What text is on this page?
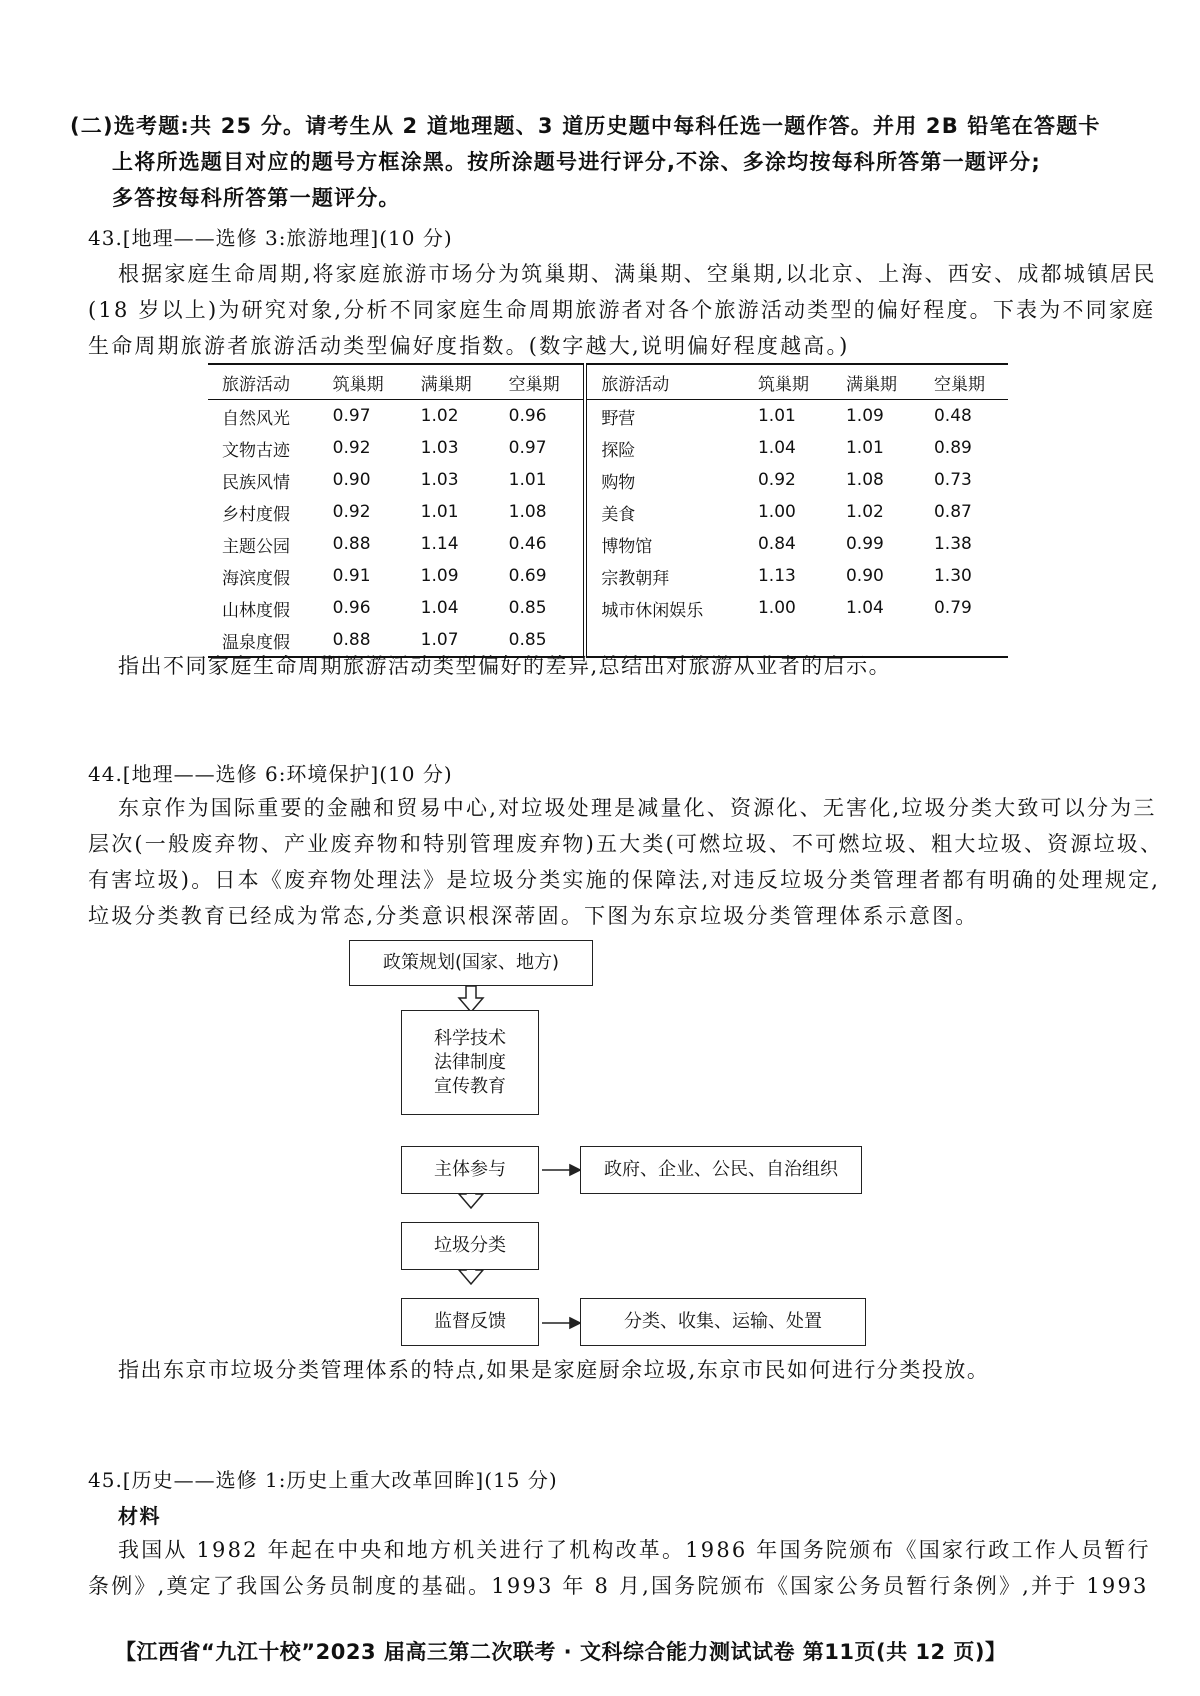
(二)选考题:共 25 分。请考生从 2 道地理题、3 道历史题中每科任选一题作答。并用 2B 铅笔在答题卡
上将所选题目对应的题号方框涂黑。按所涂题号进行评分,不涂、多涂均按每科所答第一题评分;
多答按每科所答第一题评分。
43.[地理——选修 3:旅游地理](10 分)

根据家庭生命周期,将家庭旅游市场分为筑巢期、满巢期、空巢期,以北京、上海、西安、成都城镇居民(18 岁以上)为研究对象,分析不同家庭生命周期旅游者对各个旅游活动类型的偏好程度。下表为不同家庭生命周期旅游者旅游活动类型偏好度指数。(数字越大,说明偏好程度越高。)

旅游活动	筑巢期	满巢期	空巢期	旅游活动	筑巢期	满巢期	空巢期
自然风光	0.97	1.02	0.96	野营	1.01	1.09	0.48
文物古迹	0.92	1.03	0.97	探险	1.04	1.01	0.89
民族风情	0.90	1.03	1.01	购物	0.92	1.08	0.73
乡村度假	0.92	1.01	1.08	美食	1.00	1.02	0.87
主题公园	0.88	1.14	0.46	博物馆	0.84	0.99	1.38
海滨度假	0.91	1.09	0.69	宗教朝拜	1.13	0.90	1.30
山林度假	0.96	1.04	0.85	城市休闲娱乐	1.00	1.04	0.79
温泉度假	0.88	1.07	0.85				
指出不同家庭生命周期旅游活动类型偏好的差异,总结出对旅游从业者的启示。
44.[地理——选修 6:环境保护](10 分)

东京作为国际重要的金融和贸易中心,对垃圾处理是减量化、资源化、无害化,垃圾分类大致可以分为三层次(一般废弃物、产业废弃物和特别管理废弃物)五大类(可燃垃圾、不可燃垃圾、粗大垃圾、资源垃圾、有害垃圾)。日本《废弃物处理法》是垃圾分类实施的保障法,对违反垃圾分类管理者都有明确的处理规定,垃圾分类教育已经成为常态,分类意识根深蒂固。下图为东京垃圾分类管理体系示意图。

政策规划(国家、地方)
科学技术
法律制度
宣传教育
主体参与	政府、企业、公民、自治组织
垃圾分类
监督反馈	分类、收集、运输、处置
指出东京市垃圾分类管理体系的特点,如果是家庭厨余垃圾,东京市民如何进行分类投放。
45.[历史——选修 1:历史上重大改革回眸](15 分)
材料

我国从 1982 年起在中央和地方机关进行了机构改革。1986 年国务院颁布《国家行政工作人员暂行条例》,奠定了我国公务员制度的基础。1993 年 8 月,国务院颁布《国家公务员暂行条例》,并于 1993

【江西省“九江十校”2023 届高三第二次联考 · 文科综合能力测试试卷 第11页(共 12 页)】
